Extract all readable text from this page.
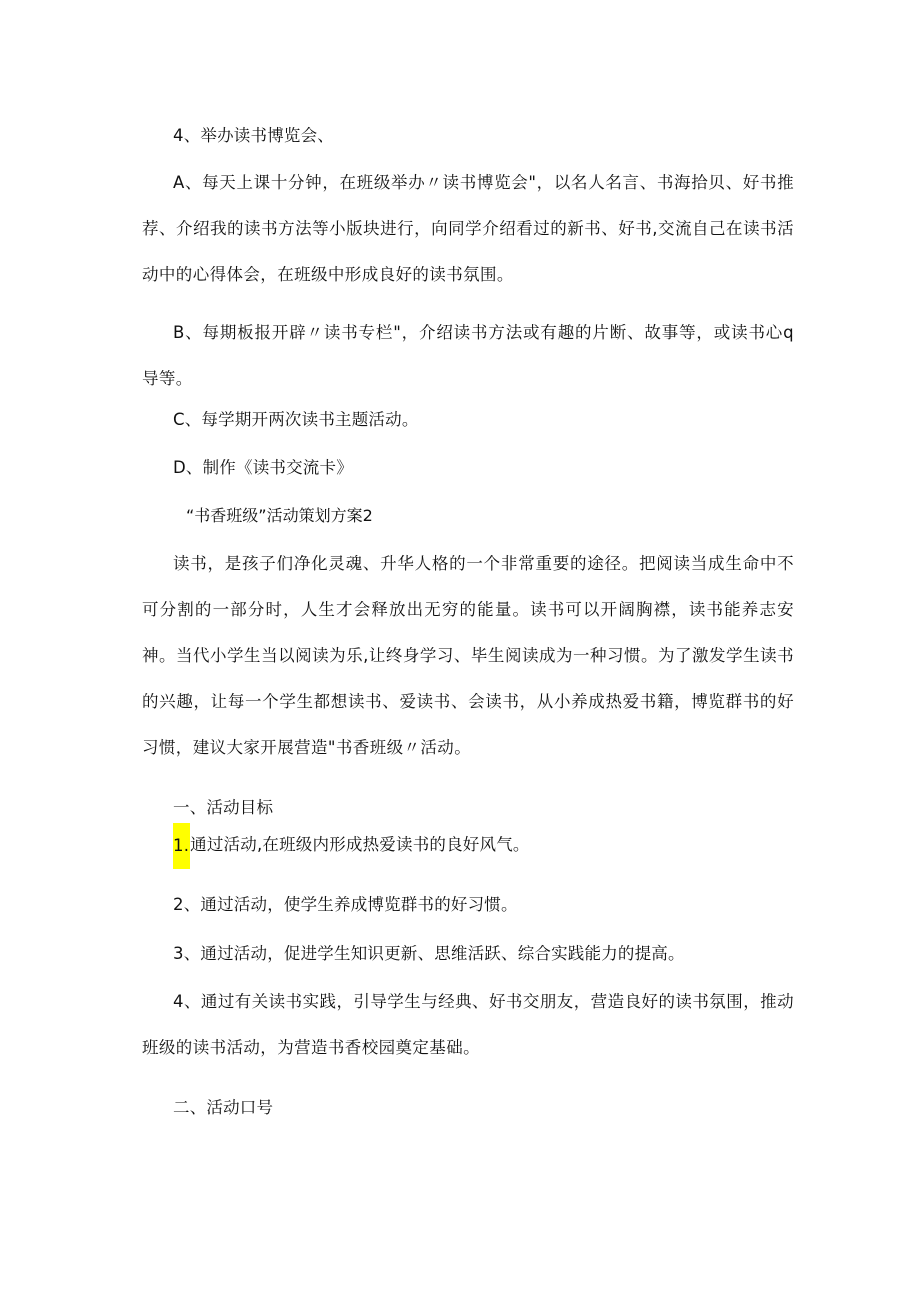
4、举办读书博览会、
A、每天上课十分钟，在班级举办〃读书博览会"，以名人名言、书海拾贝、好书推荐、介绍我的读书方法等小版块进行，向同学介绍看过的新书、好书,交流自己在读书活动中的心得体会，在班级中形成良好的读书氛围。
B、每期板报开辟〃读书专栏"，介绍读书方法或有趣的片断、故事等，或读书心q导等。
C、每学期开两次读书主题活动。
D、制作《读书交流卡》
“书香班级”活动策划方案2
读书，是孩子们净化灵魂、升华人格的一个非常重要的途径。把阅读当成生命中不可分割的一部分时，人生才会释放出无穷的能量。读书可以开阔胸襟，读书能养志安神。当代小学生当以阅读为乐,让终身学习、毕生阅读成为一种习惯。为了激发学生读书的兴趣，让每一个学生都想读书、爱读书、会读书，从小养成热爱书籍，博览群书的好习惯，建议大家开展营造"书香班级〃活动。
一、活动目标
1.通过活动,在班级内形成热爱读书的良好风气。
2、通过活动，使学生养成博览群书的好习惯。
3、通过活动，促进学生知识更新、思维活跃、综合实践能力的提高。
4、通过有关读书实践，引导学生与经典、好书交朋友，营造良好的读书氛围，推动班级的读书活动，为营造书香校园奠定基础。
二、活动口号
